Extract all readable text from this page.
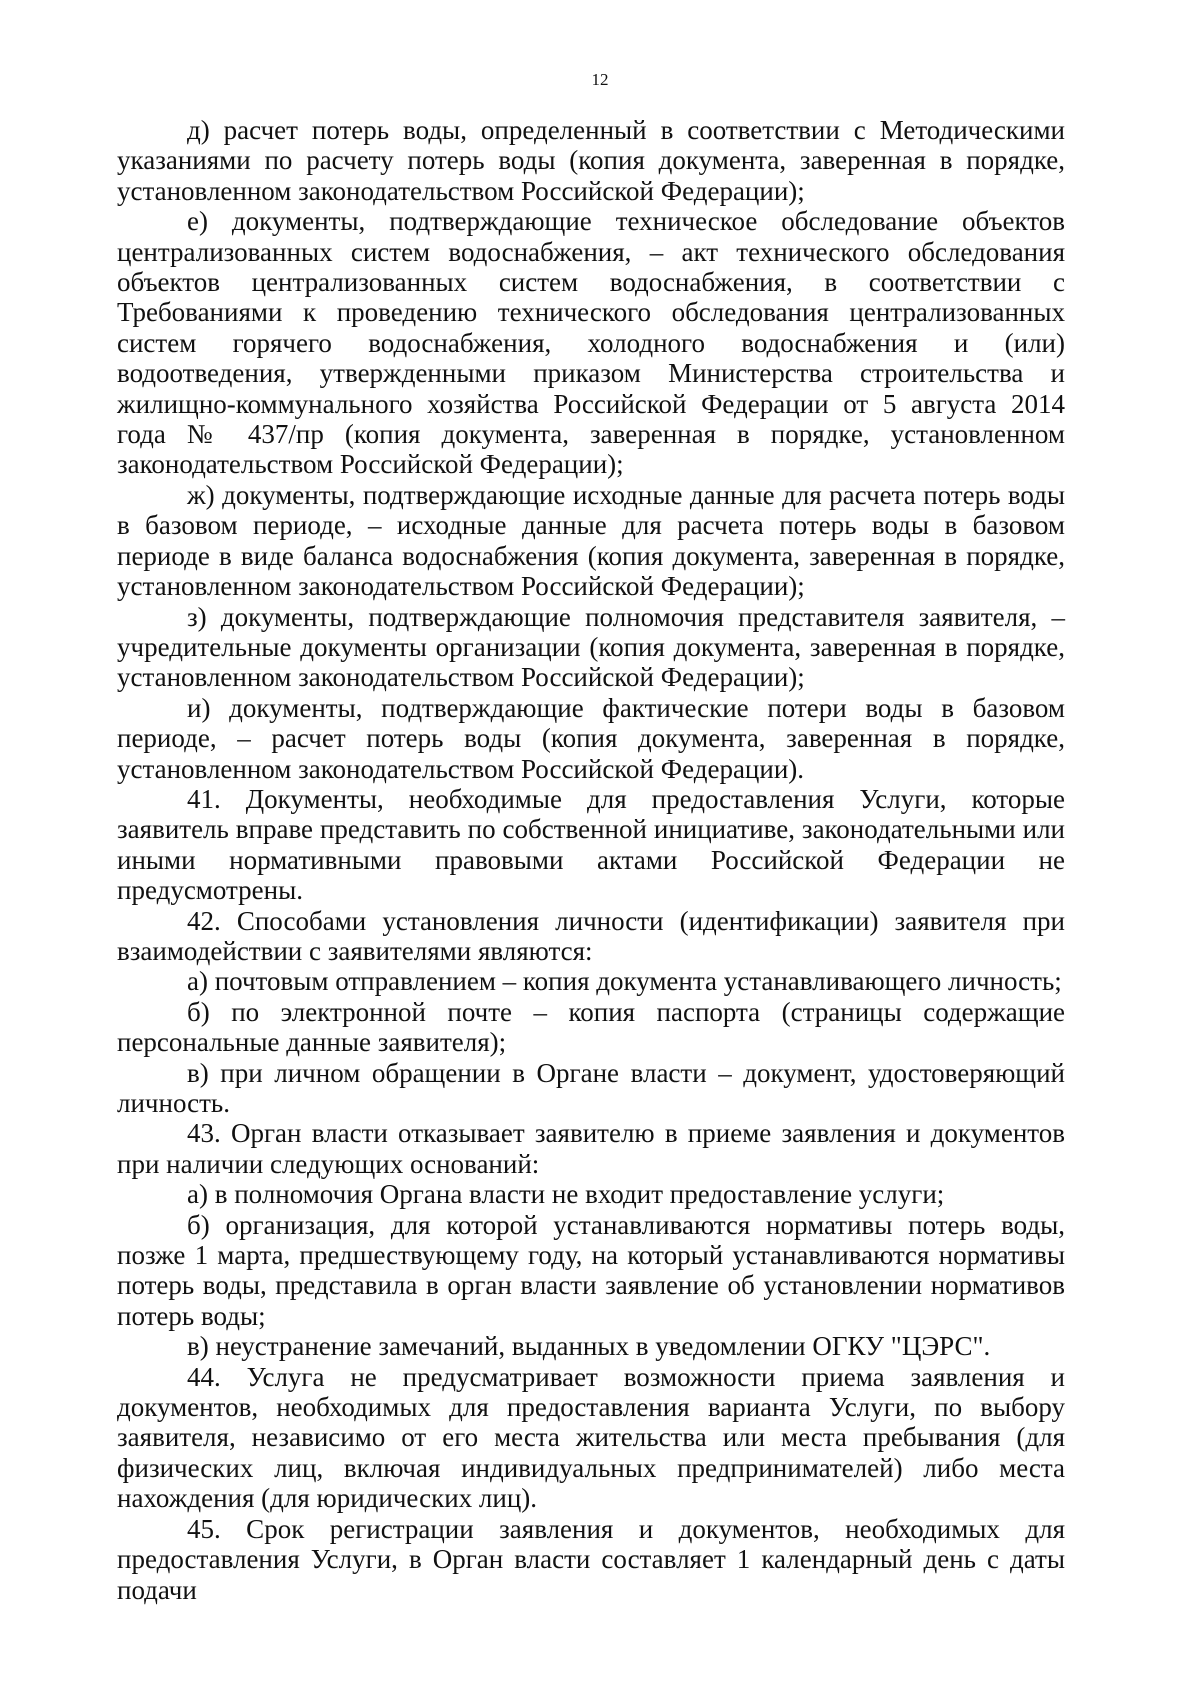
12

д) расчет потерь воды, определенный в соответствии с Методическими указаниями по расчету потерь воды (копия документа, заверенная в порядке, установленном законодательством Российской Федерации);

е) документы, подтверждающие техническое обследование объектов централизованных систем водоснабжения, – акт технического обследования объектов централизованных систем водоснабжения, в соответствии с Требованиями к проведению технического обследования централизованных систем горячего водоснабжения, холодного водоснабжения и (или) водоотведения, утвержденными приказом Министерства строительства и жилищно-коммунального хозяйства Российской Федерации от 5 августа 2014 года № 437/пр (копия документа, заверенная в порядке, установленном законодательством Российской Федерации);

ж) документы, подтверждающие исходные данные для расчета потерь воды в базовом периоде, – исходные данные для расчета потерь воды в базовом периоде в виде баланса водоснабжения (копия документа, заверенная в порядке, установленном законодательством Российской Федерации);

з) документы, подтверждающие полномочия представителя заявителя, – учредительные документы организации (копия документа, заверенная в порядке, установленном законодательством Российской Федерации);

и) документы, подтверждающие фактические потери воды в базовом периоде, – расчет потерь воды (копия документа, заверенная в порядке, установленном законодательством Российской Федерации).

41. Документы, необходимые для предоставления Услуги, которые заявитель вправе представить по собственной инициативе, законодательными или иными нормативными правовыми актами Российской Федерации не предусмотрены.

42. Способами установления личности (идентификации) заявителя при взаимодействии с заявителями являются:

а) почтовым отправлением – копия документа устанавливающего личность;

б) по электронной почте – копия паспорта (страницы содержащие персональные данные заявителя);

в) при личном обращении в Органе власти – документ, удостоверяющий личность.

43. Орган власти отказывает заявителю в приеме заявления и документов при наличии следующих оснований:

а) в полномочия Органа власти не входит предоставление услуги;

б) организация, для которой устанавливаются нормативы потерь воды, позже 1 марта, предшествующему году, на который устанавливаются нормативы потерь воды, представила в орган власти заявление об установлении нормативов потерь воды;

в) неустранение замечаний, выданных в уведомлении ОГКУ "ЦЭРС".

44. Услуга не предусматривает возможности приема заявления и документов, необходимых для предоставления варианта Услуги, по выбору заявителя, независимо от его места жительства или места пребывания (для физических лиц, включая индивидуальных предпринимателей) либо места нахождения (для юридических лиц).

45. Срок регистрации заявления и документов, необходимых для предоставления Услуги, в Орган власти составляет 1 календарный день с даты подачи
